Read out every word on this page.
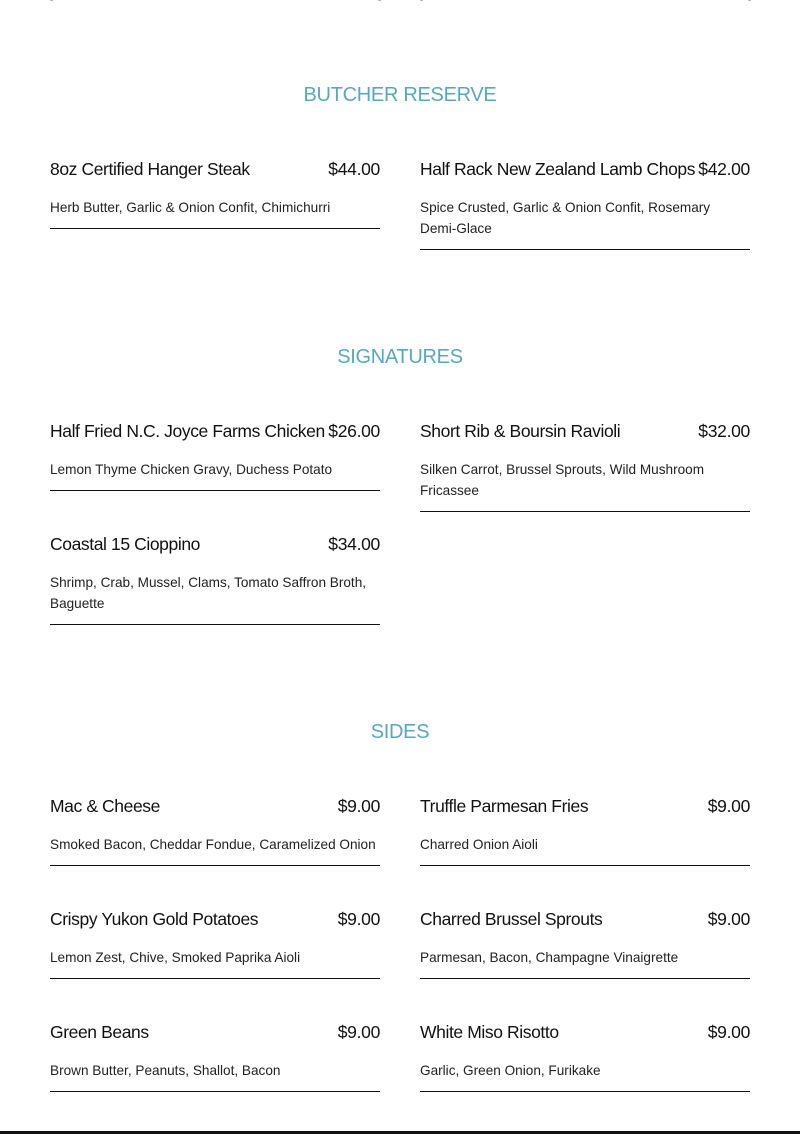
BUTCHER RESERVE
8oz Certified Hanger Steak	$44.00
Herb Butter, Garlic & Onion Confit, Chimichurri
Half Rack New Zealand Lamb Chops $42.00
Spice Crusted, Garlic & Onion Confit, Rosemary Demi-Glace
SIGNATURES
Half Fried N.C. Joyce Farms Chicken $26.00
Lemon Thyme Chicken Gravy, Duchess Potato
Short Rib & Boursin Ravioli	$32.00
Silken Carrot, Brussel Sprouts, Wild Mushroom Fricassee
Coastal 15 Cioppino	$34.00
Shrimp, Crab, Mussel, Clams, Tomato Saffron Broth, Baguette
SIDES
Mac & Cheese	$9.00
Smoked Bacon, Cheddar Fondue, Caramelized Onion
Truffle Parmesan Fries	$9.00
Charred Onion Aioli
Crispy Yukon Gold Potatoes	$9.00
Lemon Zest, Chive, Smoked Paprika Aioli
Charred Brussel Sprouts	$9.00
Parmesan, Bacon, Champagne Vinaigrette
Green Beans	$9.00
Brown Butter, Peanuts, Shallot, Bacon
White Miso Risotto	$9.00
Garlic, Green Onion, Furikake
